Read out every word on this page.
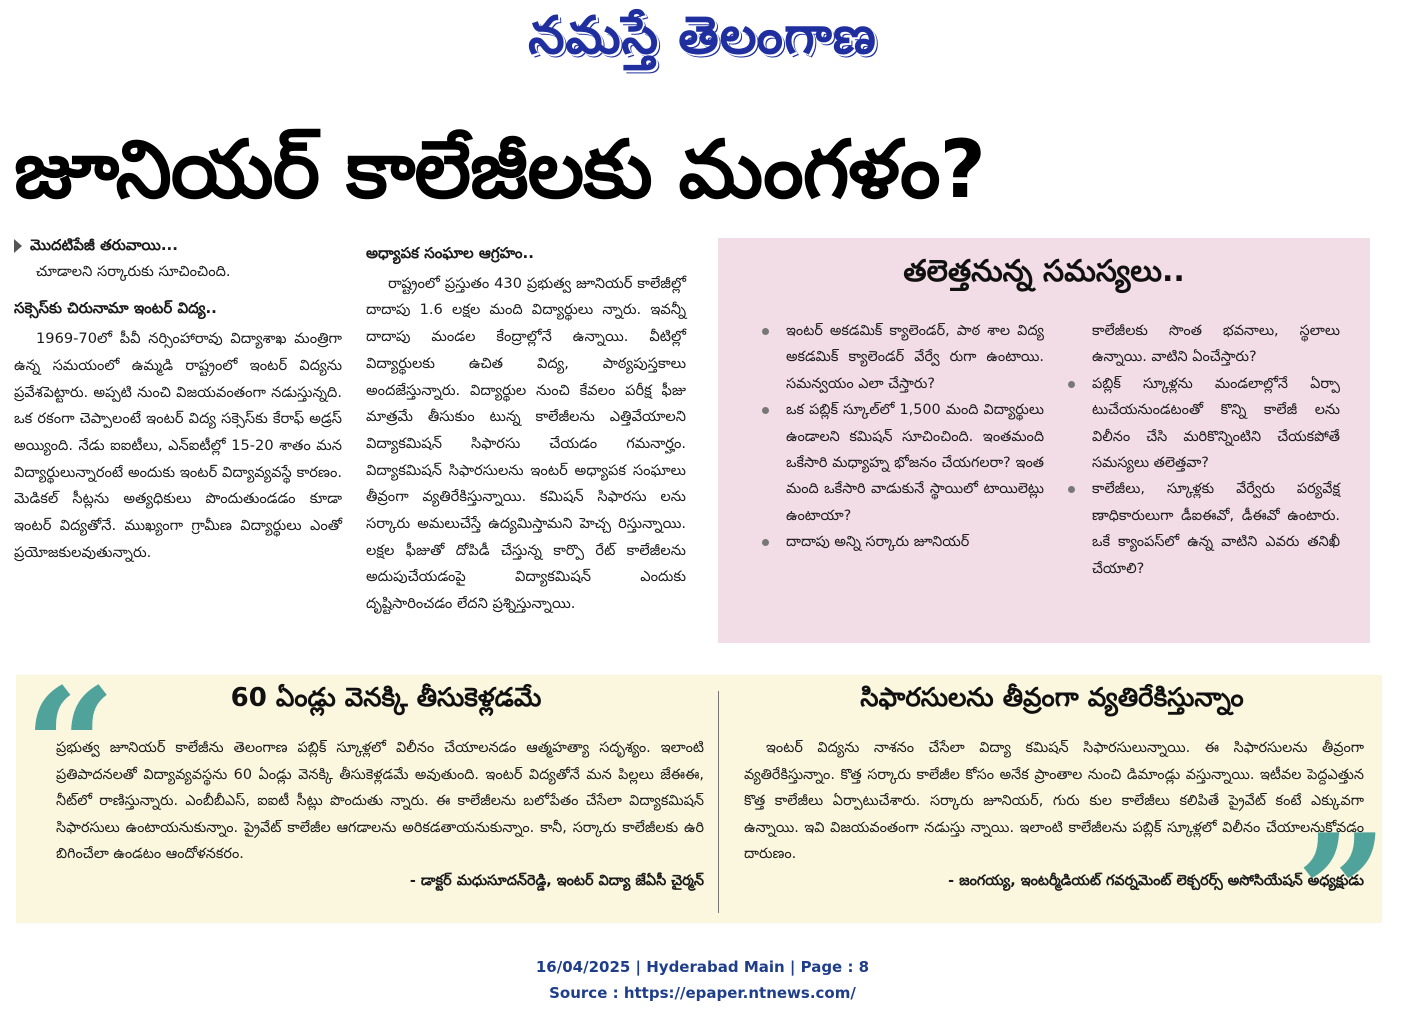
నమస్తే తెలంగాణ
జూనియర్ కాలేజీలకు మంగళం?

మొదటిపేజీ తరువాయి...

చూడాలని సర్కారుకు సూచించింది.

సక్సెస్‌కు చిరునామా ఇంటర్ విద్య..

1969-70లో పీవీ నర్సింహారావు విద్యాశాఖ మంత్రిగా ఉన్న సమయంలో ఉమ్మడి రాష్ట్రంలో ఇంటర్ విద్యను ప్రవేశపెట్టారు. అప్పటి నుంచి విజయవంతంగా నడుస్తున్నది. ఒక రకంగా చెప్పాలంటే ఇంటర్ విద్య సక్సెస్‌కు కేరాఫ్ అడ్రస్ అయ్యింది. నేడు ఐఐటీలు, ఎన్ఐటీల్లో 15-20 శాతం మన విద్యార్థులున్నారంటే అందుకు ఇంటర్ విద్యావ్యవస్థే కారణం. మెడికల్ సీట్లను అత్యధికులు పొందుతుండడం కూడా ఇంటర్ విద్యతోనే. ముఖ్యంగా గ్రామీణ విద్యార్థులు ఎంతో ప్రయోజకులవుతున్నారు.

అధ్యాపక సంఘాల ఆగ్రహం..

రాష్ట్రంలో ప్రస్తుతం 430 ప్రభుత్వ జూనియర్ కాలేజీల్లో దాదాపు 1.6 లక్షల మంది విద్యార్థులు న్నారు. ఇవన్నీ దాదాపు మండల కేంద్రాల్లోనే ఉన్నాయి. వీటిల్లో విద్యార్థులకు ఉచిత విద్య, పాఠ్యపుస్తకాలు అందజేస్తున్నారు. విద్యార్థుల నుంచి కేవలం పరీక్ష ఫీజు మాత్రమే తీసుకుం టున్న కాలేజీలను ఎత్తివేయాలని విద్యాకమిషన్ సిఫారసు చేయడం గమనార్హం. విద్యాకమిషన్ సిఫారసులను ఇంటర్ అధ్యాపక సంఘాలు తీవ్రంగా వ్యతిరేకిస్తున్నాయి. కమిషన్ సిఫారసు లను సర్కారు అమలుచేస్తే ఉద్యమిస్తామని హెచ్చ రిస్తున్నాయి. లక్షల ఫీజుతో దోపిడీ చేస్తున్న కార్పొ రేట్ కాలేజీలను అదుపుచేయడంపై విద్యాకమిషన్ ఎందుకు దృష్టిసారించడం లేదని ప్రశ్నిస్తున్నాయి.

తలెత్తనున్న సమస్యలు..
ఇంటర్ అకడమిక్ క్యాలెండర్, పాఠ శాల విద్య అకడమిక్ క్యాలెండర్ వేర్వే రుగా ఉంటాయి. సమన్వయం ఎలా చేస్తారు?
ఒక పబ్లిక్ స్కూల్‌లో 1,500 మంది విద్యార్థులు ఉండాలని కమిషన్ సూచించింది. ఇంతమంది ఒకేసారి మధ్యాహ్న భోజనం చేయగలరా? ఇంత మంది ఒకేసారి వాడుకునే స్థాయిలో టాయిలెట్లు ఉంటాయా?
దాదాపు అన్ని సర్కారు జూనియర్
కాలేజీలకు సొంత భవనాలు, స్థలాలు ఉన్నాయి. వాటిని ఏంచేస్తారు?
పబ్లిక్ స్కూళ్లను మండలాల్లోనే ఏర్పా టుచేయనుండటంతో కొన్ని కాలేజీ లను విలీనం చేసి మరికొన్నింటిని చేయకపోతే సమస్యలు తలెత్తవా?
కాలేజీలు, స్కూళ్లకు వేర్వేరు పర్యవేక్ష ణాధికారులుగా డీఐఈవో, డీఈవో ఉంటారు. ఒకే క్యాంపస్‌లో ఉన్న వాటిని ఎవరు తనిఖీ చేయాలి?
“
”
60 ఏండ్లు వెనక్కి తీసుకెళ్లడమే
ప్రభుత్వ జూనియర్ కాలేజీను తెలంగాణ పబ్లిక్ స్కూళ్లలో విలీనం చేయాలనడం ఆత్మహత్యా సదృశ్యం. ఇలాంటి ప్రతిపాదనలతో విద్యావ్యవస్థను 60 ఏండ్లు వెనక్కి తీసుకెళ్లడమే అవుతుంది. ఇంటర్ విద్యతోనే మన పిల్లలు జేఈఈ, నీట్‌లో రాణిస్తున్నారు. ఎంబీబీఎస్, ఐఐటీ సీట్లు పొందుతు న్నారు. ఈ కాలేజీలను బలోపేతం చేసేలా విద్యాకమిషన్ సిఫారసులు ఉంటాయనుకున్నాం. ప్రైవేట్ కాలేజీల ఆగడాలను అరికడతాయనుకున్నాం. కానీ, సర్కారు కాలేజీలకు ఉరి బిగించేలా ఉండటం ఆందోళనకరం.
- డాక్టర్ మధుసూదన్‌రెడ్డి, ఇంటర్ విద్యా జేఏసీ చైర్మన్
సిఫారసులను తీవ్రంగా వ్యతిరేకిస్తున్నాం
ఇంటర్ విద్యను నాశనం చేసేలా విద్యా కమిషన్ సిఫారసులున్నాయి. ఈ సిఫారసులను తీవ్రంగా వ్యతిరేకిస్తున్నాం. కొత్త సర్కారు కాలేజీల కోసం అనేక ప్రాంతాల నుంచి డిమాండ్లు వస్తున్నాయి. ఇటీవల పెద్దఎత్తున కొత్త కాలేజీలు ఏర్పాటుచేశారు. సర్కారు జూనియర్, గురు కుల కాలేజీలు కలిపితే ప్రైవేట్ కంటే ఎక్కువగా ఉన్నాయి. ఇవి విజయవంతంగా నడుస్తు న్నాయి. ఇలాంటి కాలేజీలను పబ్లిక్ స్కూళ్లలో విలీనం చేయాలనుకోవడం దారుణం.
- జంగయ్య, ఇంటర్మీడియట్ గవర్నమెంట్ లెక్చరర్స్ అసోసియేషన్ అధ్యక్షుడు
16/04/2025 | Hyderabad Main | Page : 8
Source : https://epaper.ntnews.com/
